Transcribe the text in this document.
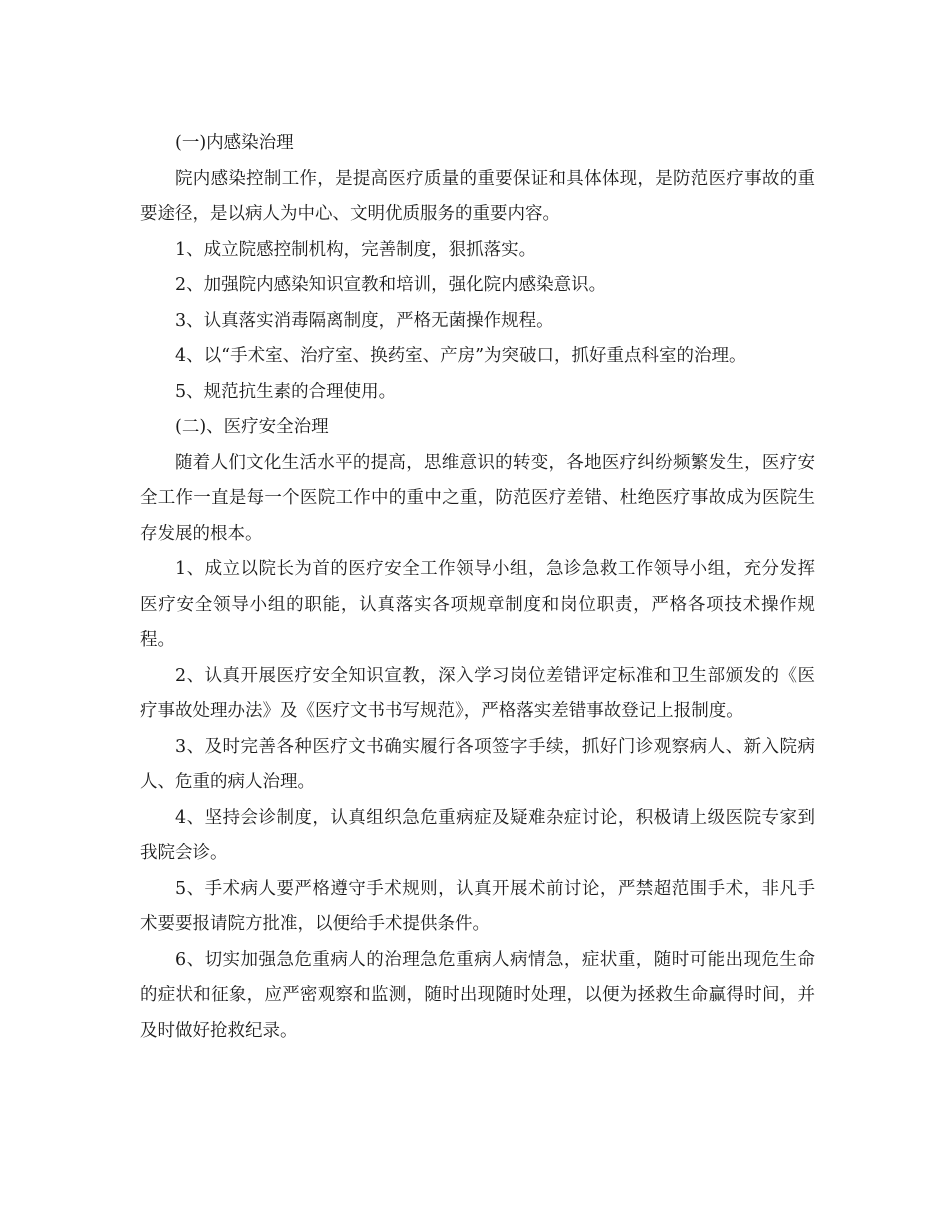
(一)内感染治理

院内感染控制工作，是提高医疗质量的重要保证和具体体现，是防范医疗事故的重要途径，是以病人为中心、文明优质服务的重要内容。

1、成立院感控制机构，完善制度，狠抓落实。

2、加强院内感染知识宣教和培训，强化院内感染意识。

3、认真落实消毒隔离制度，严格无菌操作规程。

4、以“手术室、治疗室、换药室、产房”为突破口，抓好重点科室的治理。

5、规范抗生素的合理使用。

(二)、医疗安全治理

随着人们文化生活水平的提高，思维意识的转变，各地医疗纠纷频繁发生，医疗安全工作一直是每一个医院工作中的重中之重，防范医疗差错、杜绝医疗事故成为医院生存发展的根本。

1、成立以院长为首的医疗安全工作领导小组，急诊急救工作领导小组，充分发挥医疗安全领导小组的职能，认真落实各项规章制度和岗位职责，严格各项技术操作规程。

2、认真开展医疗安全知识宣教，深入学习岗位差错评定标准和卫生部颁发的《医疗事故处理办法》及《医疗文书书写规范》，严格落实差错事故登记上报制度。

3、及时完善各种医疗文书确实履行各项签字手续，抓好门诊观察病人、新入院病人、危重的病人治理。

4、坚持会诊制度，认真组织急危重病症及疑难杂症讨论，积极请上级医院专家到我院会诊。

5、手术病人要严格遵守手术规则，认真开展术前讨论，严禁超范围手术，非凡手术要要报请院方批准，以便给手术提供条件。

6、切实加强急危重病人的治理急危重病人病情急，症状重，随时可能出现危生命的症状和征象，应严密观察和监测，随时出现随时处理，以便为拯救生命赢得时间，并及时做好抢救纪录。
